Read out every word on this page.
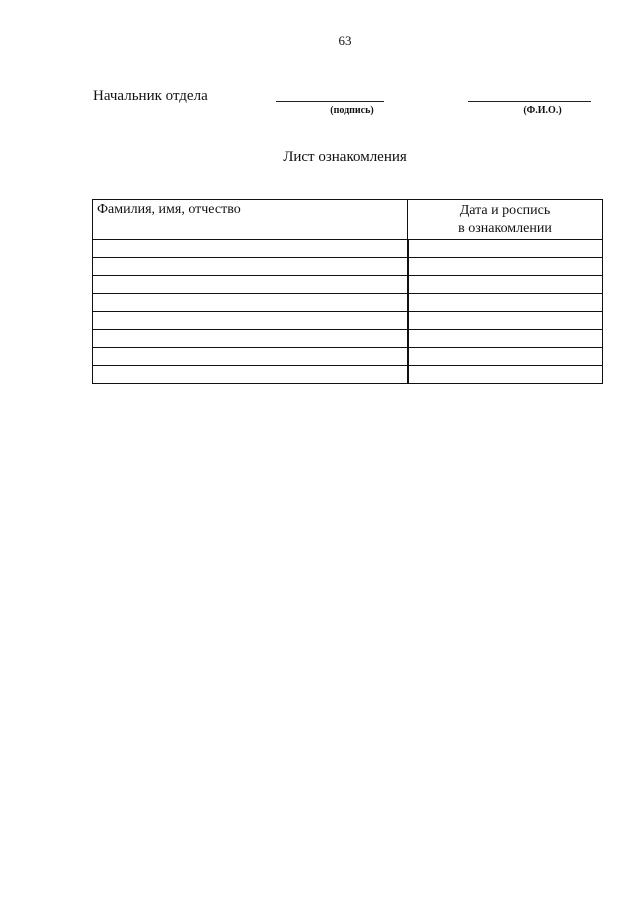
63
Начальник отдела
(подпись)	(Ф.И.О.)
Лист ознакомления
Фамилия, имя, отчество	Дата и роспись
в ознакомлении
